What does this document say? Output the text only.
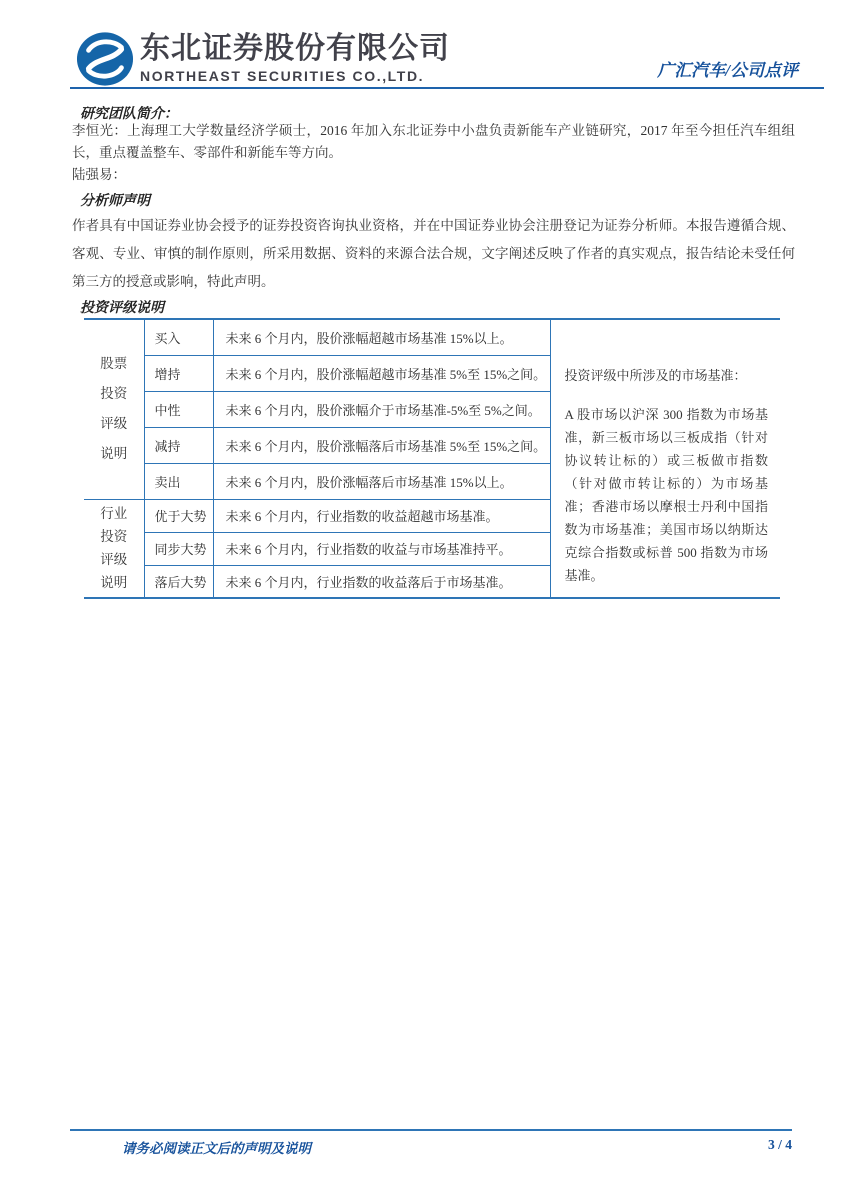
东北证券股份有限公司
NORTHEAST SECURITIES CO.,LTD.	广汇汽车/公司点评
研究团队简介：
李恒光：上海理工大学数量经济学硕士，2016 年加入东北证券中小盘负责新能车产业链研究，2017 年至今担任汽车组组长，重点覆盖整车、零部件和新能车等方向。
陆强易：
分析师声明
作者具有中国证券业协会授予的证券投资咨询执业资格，并在中国证券业协会注册登记为证券分析师。本报告遵循合规、客观、专业、审慎的制作原则，所采用数据、资料的来源合法合规，文字阐述反映了作者的真实观点，报告结论未受任何第三方的授意或影响，特此声明。
投资评级说明
股票
投资
评级
说明
	买入	未来 6 个月内，股价涨幅超越市场基准 15%以上。	
投资评级中所涉及的市场基准：
A 股市场以沪深 300 指数为市场基准，新三板市场以三板成指（针对协议转让标的）或三板做市指数（针对做市转让标的）为市场基准；香港市场以摩根士丹利中国指数为市场基准；美国市场以纳斯达克综合指数或标普 500 指数为市场基准。

	增持	未来 6 个月内，股价涨幅超越市场基准 5%至 15%之间。	
	中性	未来 6 个月内，股价涨幅介于市场基准-5%至 5%之间。	
	减持	未来 6 个月内，股价涨幅落后市场基准 5%至 15%之间。	
	卖出	未来 6 个月内，股价涨幅落后市场基准 15%以上。	

行业
投资
评级
说明	优于大势	未来 6 个月内，行业指数的收益超越市场基准。	
	同步大势	未来 6 个月内，行业指数的收益与市场基准持平。	
	落后大势	未来 6 个月内，行业指数的收益落后于市场基准。	
请务必阅读正文后的声明及说明	3 / 4
